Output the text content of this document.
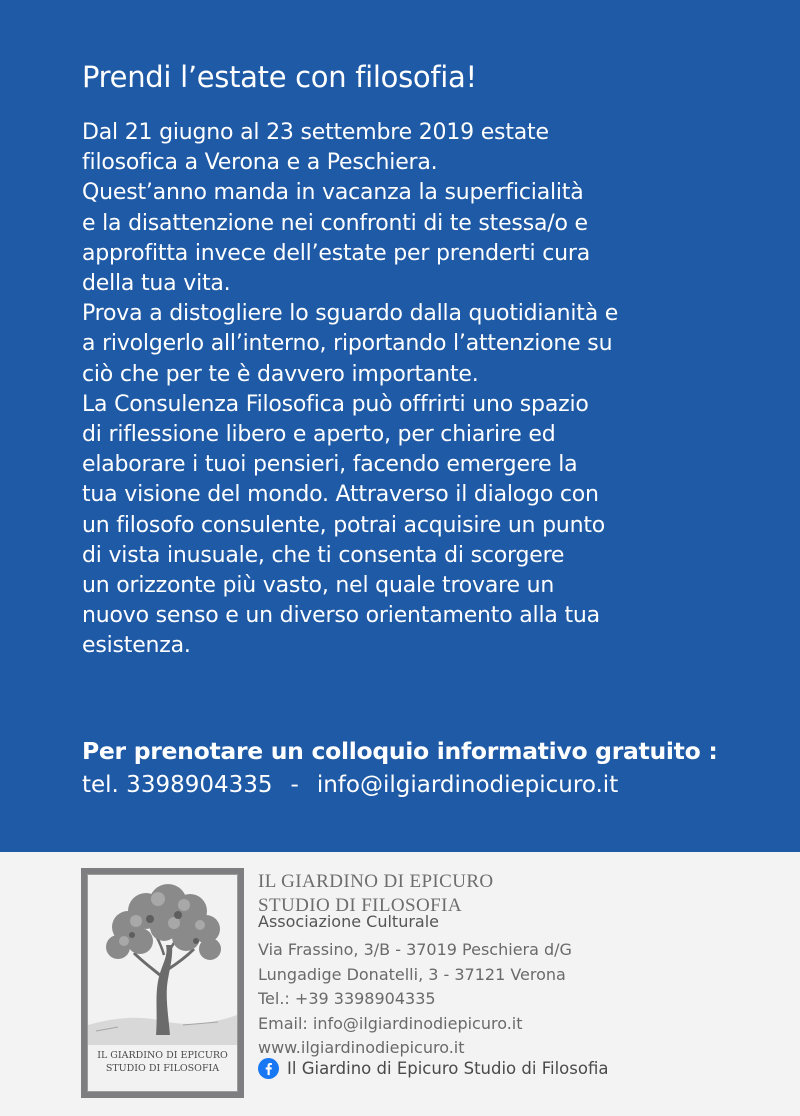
Prendi l’estate con filosofia!

Dal 21 giugno al 23 settembre 2019 estate
filosofica a Verona e a Peschiera.
Quest’anno manda in vacanza la superficialità
e la disattenzione nei confronti di te stessa/o e
approfitta invece dell’estate per prenderti cura
della tua vita.
Prova a distogliere lo sguardo dalla quotidianità e
a rivolgerlo all’interno, riportando l’attenzione su
ciò che per te è davvero importante.
La Consulenza Filosofica può offrirti uno spazio
di riflessione libero e aperto, per chiarire ed
elaborare i tuoi pensieri, facendo emergere la
tua visione del mondo. Attraverso il dialogo con
un filosofo consulente, potrai acquisire un punto
di vista inusuale, che ti consenta di scorgere
un orizzonte più vasto, nel quale trovare un
nuovo senso e un diverso orientamento alla tua
esistenza.

Per prenotare un colloquio informativo gratuito :

tel. 3398904335 - info@ilgiardinodiepicuro.it

IL GIARDINO DI EPICURO
STUDIO DI FILOSOFIA
IL GIARDINO DI EPICURO
STUDIO DI FILOSOFIA
Associazione Culturale
Via Frassino, 3/B - 37019 Peschiera d/G
Lungadige Donatelli, 3 - 37121 Verona
Tel.: +39 3398904335
Email: info@ilgiardinodiepicuro.it
www.ilgiardinodiepicuro.it
Il Giardino di Epicuro Studio di Filosofia
